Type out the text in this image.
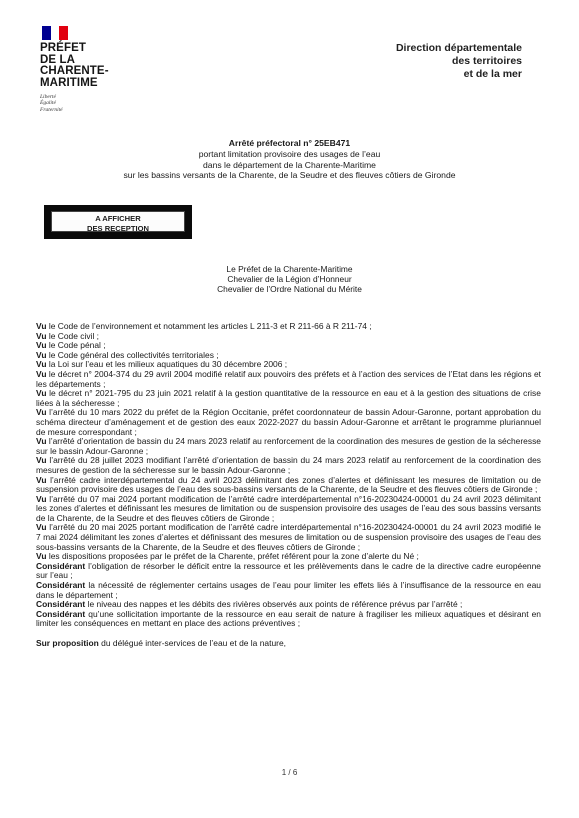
PRÉFET
DE LA
CHARENTE-
MARITIME
Liberté
Égalité
Fraternité
Direction départementale
des territoires
et de la mer
Arrêté préfectoral n° 25EB471
portant limitation provisoire des usages de l’eau
dans le département de la Charente-Maritime
sur les bassins versants de la Charente, de la Seudre et des fleuves côtiers de Gironde
A AFFICHER
DES RECEPTION
Le Préfet de la Charente-Maritime
Chevalier de la Légion d’Honneur
Chevalier de l’Ordre National du Mérite

Vu le Code de l’environnement et notamment les articles L 211-3 et R 211-66 à R 211-74 ;

Vu le Code civil ;

Vu le Code pénal ;

Vu le Code général des collectivités territoriales ;

Vu la Loi sur l’eau et les milieux aquatiques du 30 décembre 2006 ;

Vu le décret n° 2004-374 du 29 avril 2004 modifié relatif aux pouvoirs des préfets et à l’action des services de l’Etat dans les régions et les départements ;

Vu le décret n° 2021-795 du 23 juin 2021 relatif à la gestion quantitative de la ressource en eau et à la gestion des situations de crise liées à la sécheresse ;

Vu l’arrêté du 10 mars 2022 du préfet de la Région Occitanie, préfet coordonnateur de bassin Adour-Garonne, portant approbation du schéma directeur d’aménagement et de gestion des eaux 2022-2027 du bassin Adour-Garonne et arrêtant le programme pluriannuel de mesure correspondant ;

Vu l’arrêté d’orientation de bassin du 24 mars 2023 relatif au renforcement de la coordination des mesures de gestion de la sécheresse sur le bassin Adour-Garonne ;

Vu l’arrêté du 28 juillet 2023 modifiant l’arrêté d’orientation de bassin du 24 mars 2023 relatif au renforcement de la coordination des mesures de gestion de la sécheresse sur le bassin Adour-Garonne ;

Vu l’arrêté cadre interdépartemental du 24 avril 2023 délimitant des zones d’alertes et définissant les mesures de limitation ou de suspension provisoire des usages de l’eau des sous-bassins versants de la Charente, de la Seudre et des fleuves côtiers de Gironde ;

Vu l’arrêté du 07 mai 2024 portant modification de l’arrêté cadre interdépartemental n°16-20230424-00001 du 24 avril 2023 délimitant les zones d’alertes et définissant les mesures de limitation ou de suspension provisoire des usages de l’eau des sous bassins versants de la Charente, de la Seudre et des fleuves côtiers de Gironde ;

Vu l’arrêté du 20 mai 2025 portant modification de l’arrêté cadre interdépartemental n°16-20230424-00001 du 24 avril 2023 modifié le 7 mai 2024 délimitant les zones d’alertes et définissant des mesures de limitation ou de suspension provisoire des usages de l’eau des sous-bassins versants de la Charente, de la Seudre et des fleuves côtiers de Gironde ;

Vu les dispositions proposées par le préfet de la Charente, préfet référent pour la zone d’alerte du Né ;

Considérant l’obligation de résorber le déficit entre la ressource et les prélèvements dans le cadre de la directive cadre européenne sur l’eau ;

Considérant la nécessité de réglementer certains usages de l’eau pour limiter les effets liés à l’insuffisance de la ressource en eau dans le département ;

Considérant le niveau des nappes et les débits des rivières observés aux points de référence prévus par l’arrêté ;

Considérant qu’une sollicitation importante de la ressource en eau serait de nature à fragiliser les milieux aquatiques et désirant en limiter les conséquences en mettant en place des actions préventives ;

Sur proposition du délégué inter-services de l’eau et de la nature,

1 / 6
